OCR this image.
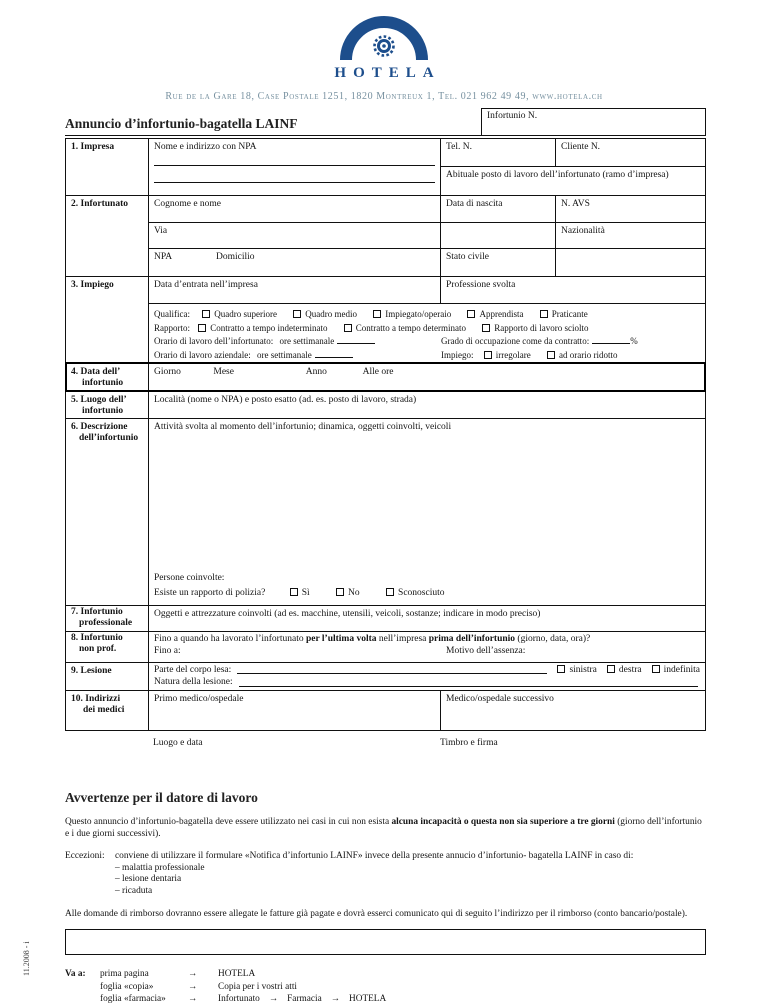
11.2008 - i
HOTELA
Rue de la Gare 18, Case Postale 1251, 1820 Montreux 1, Tel. 021 962 49 49, www.hotela.ch
Annuncio d’infortunio-bagatella LAINF	Infortunio N.
1. Impresa	Nome e indirizzo con NPA	Tel. N.	Cliente N.
Abituale posto di lavoro dell’infortunato (ramo d’impresa)
2. Infortunato	Cognome e nome	Data di nascita	N. AVS
Via	Nazionalità
NPA	Domicilio	Stato civile
3. Impiego	Data d’entrata nell’impresa	Professione svolta
Qualifica:	Quadro superiore	Quadro medio	Impiegato/operaio	Apprendista	Praticante
Rapporto: Contratto a tempo indeterminato	Contratto a tempo determinato	Rapporto di lavoro sciolto
Orario di lavoro dell’infortunato: ore settimanale	Grado di occupazione come da contratto:	%
Orario di lavoro aziendale: ore settimanale	Impiego: irregolare	ad orario ridotto
4. Data dell’
infortunio
Giorno	Mese	Anno	Alle ore
5. Luogo dell’
infortunio
Località (nome o NPA) e posto esatto (ad. es. posto di lavoro, strada)
6. Descrizione
dell’infortunio
Attività svolta al momento dell’infortunio; dinamica, oggetti coinvolti, veicoli
Persone coinvolte:
Esiste un rapporto di polizia?	Sì	No	Sconosciuto
7. Infortunio
professionale
Oggetti e attrezzature coinvolti (ad es. macchine, utensili, veicoli, sostanze; indicare in modo preciso)
8. Infortunio
non prof.
Fino a quando ha lavorato l’infortunato per l’ultima volta nell’impresa prima dell’infortunio (giorno, data, ora)?
Fino a:	Motivo dell’assenza:
9. Lesione	Parte del corpo lesa:	sinistra	destra	indefinita
Natura della lesione:
10. Indirizzi
dei medici
Primo medico/ospedale	Medico/ospedale successivo
Luogo e data	Timbro e firma
Avvertenze per il datore di lavoro

Questo annuncio d’infortunio-bagatella deve essere utilizzato nei casi in cui non esista alcuna incapacità o questa non sia superiore a tre giorni (giorno dell’infortunio e i due giorni successivi).

Eccezioni:	conviene di utilizzare il formulare «Notifica d’infortunio LAINF» invece della presente annucio d’infortunio- bagatella LAINF in caso di:
– malattia professionale
– lesione dentaria
– ricaduta

Alle domande di rimborso dovranno essere allegate le fatture già pagate e dovrà esserci comunicato qui di seguito l’indirizzo per il rimborso (conto bancario/postale).

Va a:	prima pagina	→ HOTELA
foglia «copia»	→ Copia per i vostri atti
foglia «farmacia» → Infortunato → Farmacia → HOTELA
